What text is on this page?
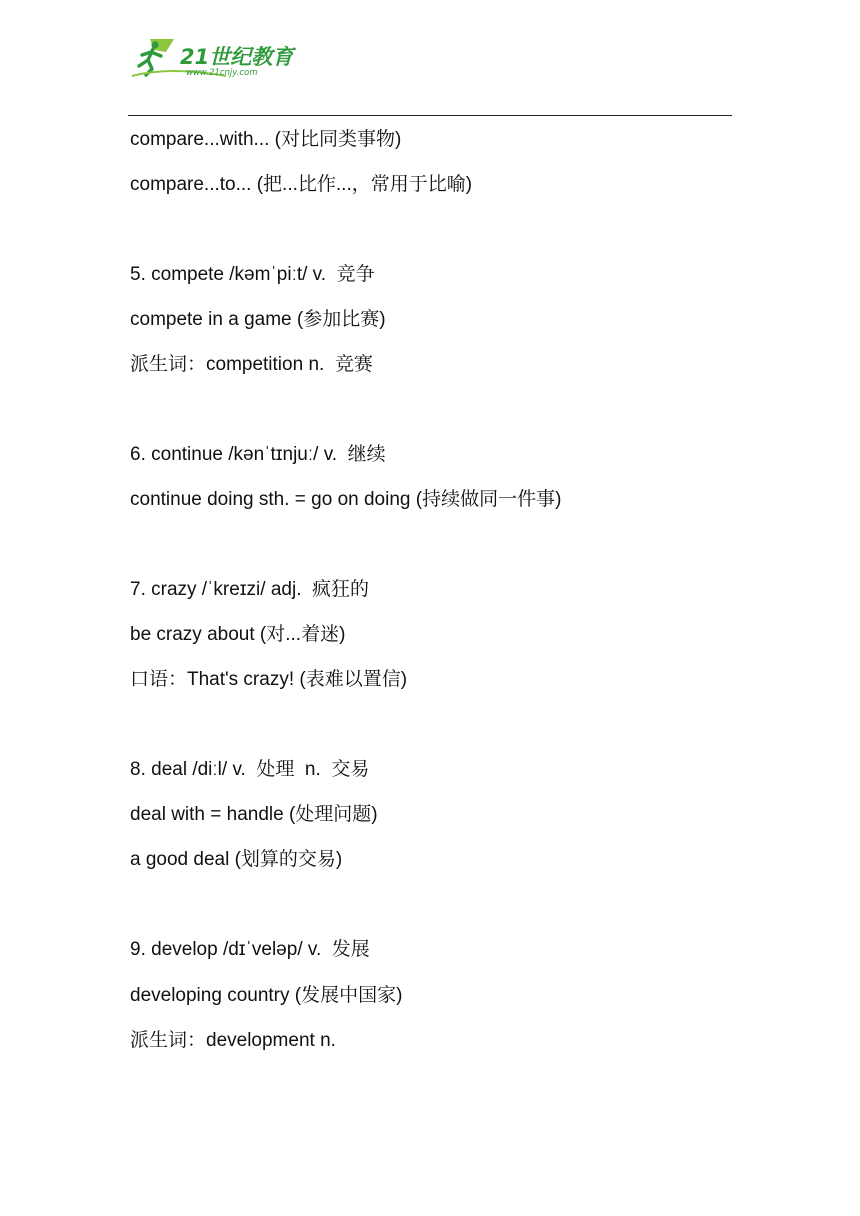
21世纪教育
www.21cnjy.com
compare...with... (对比同类事物)
compare...to... (把...比作...，常用于比喻)
5. compete /kəmˈpiːt/ v.  竞争
compete in a game (参加比赛)
派生词：competition n.  竞赛
6. continue /kənˈtɪnjuː/ v.  继续
continue doing sth. = go on doing (持续做同一件事)
7. crazy /ˈkreɪzi/ adj.  疯狂的
be crazy about (对...着迷)
口语：That's crazy! (表难以置信)
8. deal /diːl/ v.  处理  n.  交易
deal with = handle (处理问题)
a good deal (划算的交易)
9. develop /dɪˈveləp/ v.  发展
developing country (发展中国家)
派生词：development n.
